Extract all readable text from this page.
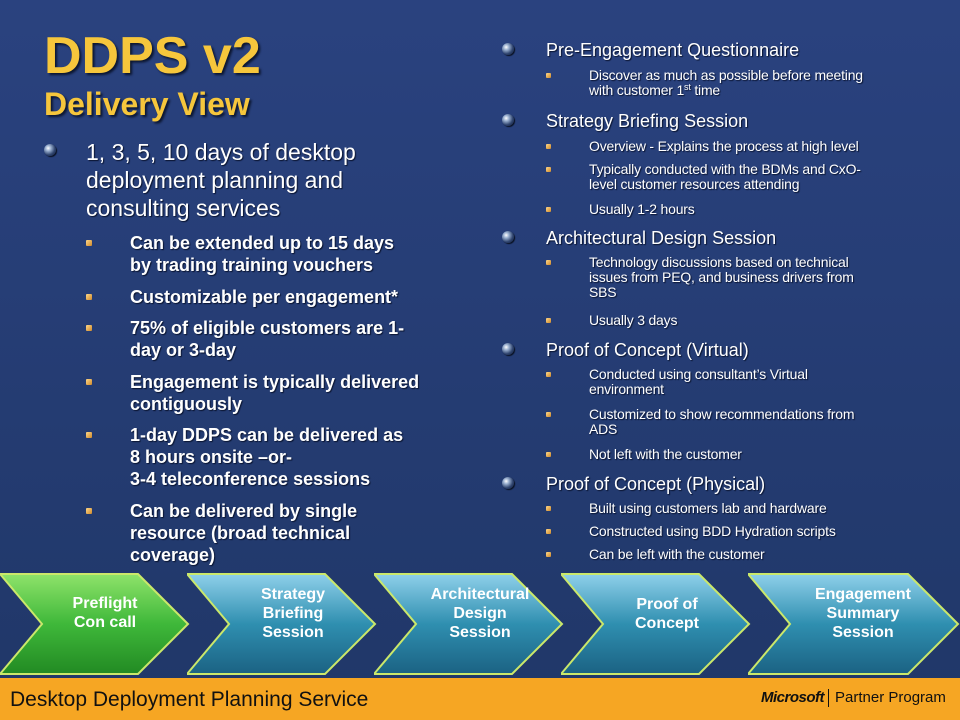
DDPS v2
Delivery View
1, 3, 5, 10 days of desktop
deployment planning and
consulting services
Can be extended up to 15 days
by trading training vouchers
Customizable per engagement*
75% of eligible customers are 1-
day or 3-day
Engagement is typically delivered
contiguously
1-day DDPS can be delivered as
8 hours onsite –or-
3-4 teleconference sessions
Can be delivered by single
resource (broad technical
coverage)
Pre-Engagement Questionnaire
Discover as much as possible before meeting
with customer 1st time
Strategy Briefing Session
Overview - Explains the process at high level
Typically conducted with the BDMs and CxO-
level customer resources attending
Usually 1-2 hours
Architectural Design Session
Technology discussions based on technical
issues from PEQ, and business drivers from
SBS
Usually 3 days
Proof of Concept (Virtual)
Conducted using consultant’s Virtual
environment
Customized to show recommendations from
ADS
Not left with the customer
Proof of Concept (Physical)
Built using customers lab and hardware
Constructed using BDD Hydration scripts
Can be left with the customer
Preflight
Con call
Strategy
Briefing
Session
Architectural
Design
Session
Proof of
Concept
Engagement
Summary
Session
Desktop Deployment Planning Service	Microsoft Partner Program
